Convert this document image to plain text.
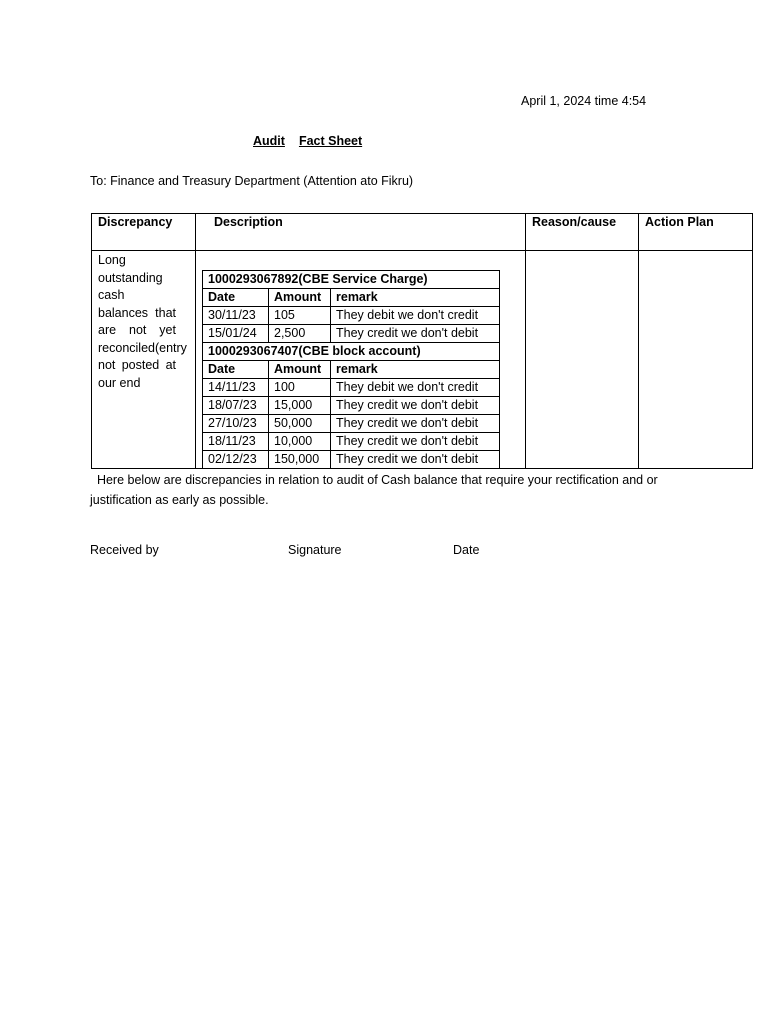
April 1, 2024 time 4:54
Audit Fact Sheet
To: Finance and Treasury Department (Attention ato Fikru)
Discrepancy	Description	Reason/cause	Action Plan

Long outstanding cash balances that are not yet reconciled(entry not posted at our end

1000293067892(CBE Service Charge)
Date	Amount	remark
30/11/23	105	They debit we don't credit
15/01/24	2,500	They credit we don't debit
1000293067407(CBE block account)
Date	Amount	remark
14/11/23	100	They debit we don't credit
18/07/23	15,000	They credit we don't debit
27/10/23	50,000	They credit we don't debit
18/11/23	10,000	They credit we don't debit
02/12/23	150,000	They credit we don't debit

Here below are discrepancies in relation to audit of Cash balance that require your rectification and or justification as early as possible.
Received by	Signature	Date
